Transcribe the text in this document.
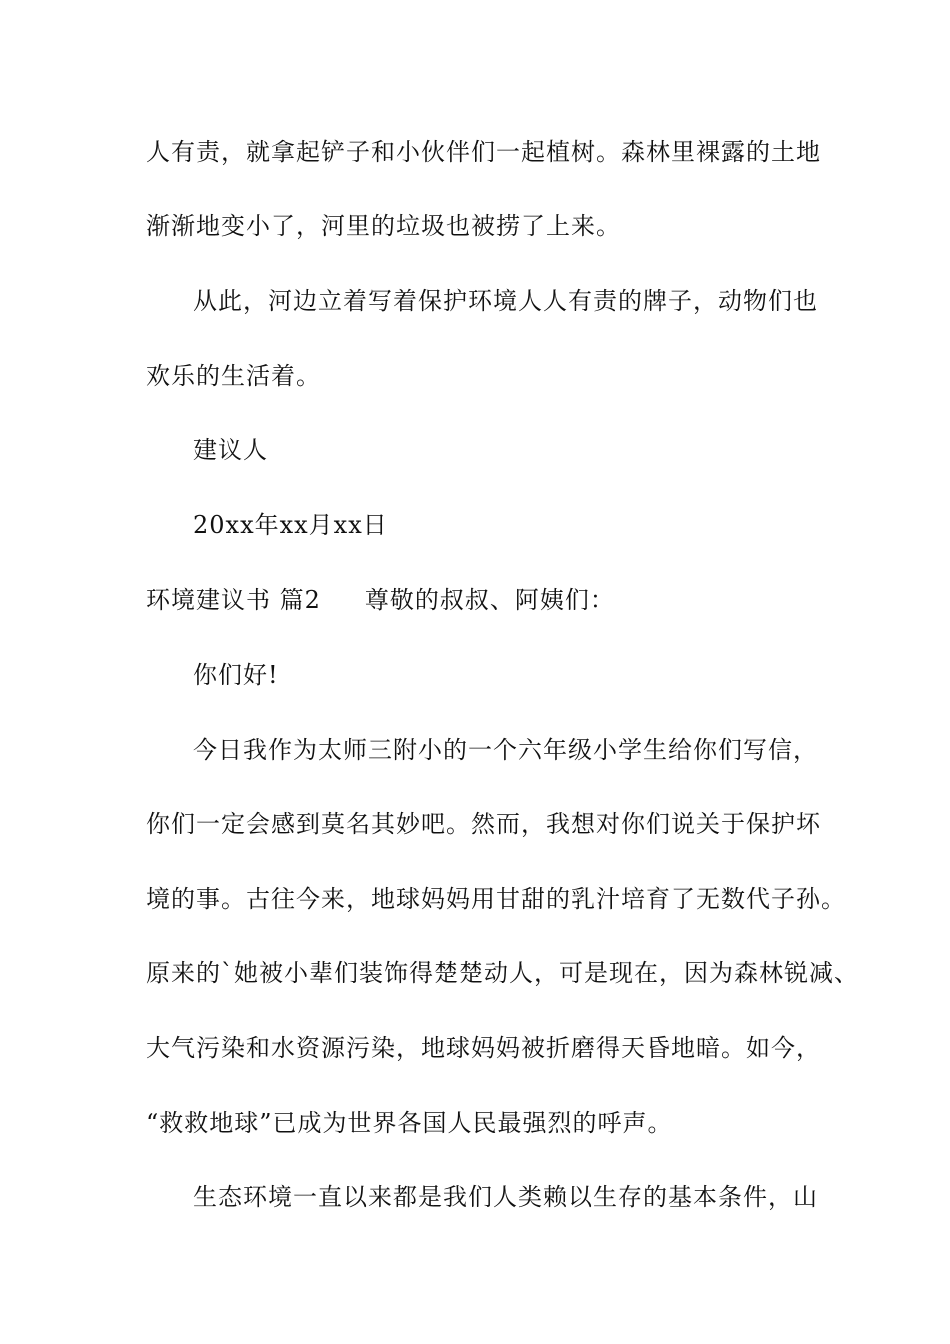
人有责，就拿起铲子和小伙伴们一起植树。森林里裸露的土地
渐渐地变小了，河里的垃圾也被捞了上来。
从此，河边立着写着保护环境人人有责的牌子，动物们也
欢乐的生活着。
建议人
20xx年xx月xx日
环境建议书 篇2 尊敬的叔叔、阿姨们：
你们好!
今日我作为太师三附小的一个六年级小学生给你们写信，
你们一定会感到莫名其妙吧。然而，我想对你们说关于保护坏
境的事。古往今来，地球妈妈用甘甜的乳汁培育了无数代子孙。
原来的`她被小辈们装饰得楚楚动人，可是现在，因为森林锐减、
大气污染和水资源污染，地球妈妈被折磨得天昏地暗。如今，
“救救地球”已成为世界各国人民最强烈的呼声。
生态环境一直以来都是我们人类赖以生存的基本条件，山
